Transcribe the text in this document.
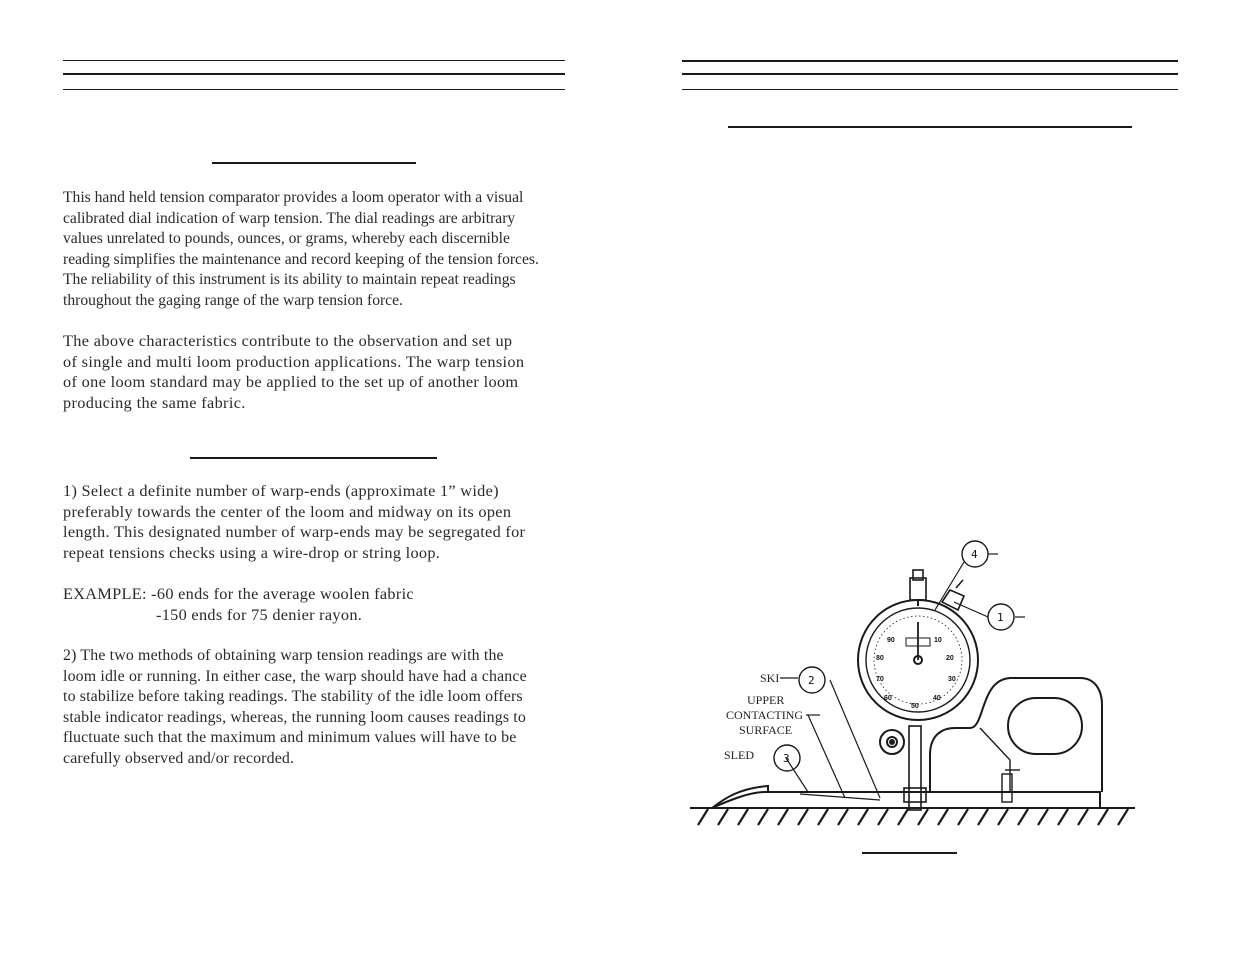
This hand held tension comparator provides a loom operator with a visual
calibrated dial indication of warp tension. The dial readings are arbitrary
values unrelated to pounds, ounces, or grams, whereby each discernible
reading simplifies the maintenance and record keeping of the tension forces.
The reliability of this instrument is its ability to maintain repeat readings
throughout the gaging range of the warp tension force.

The above characteristics contribute to the observation and set up
of single and multi loom production applications. The warp tension
of one loom standard may be applied to the set up of another loom
producing the same fabric.

1) Select a definite number of warp-ends (approximate 1” wide)
preferably towards the center of the loom and midway on its open
length. This designated number of warp-ends may be segregated for
repeat tensions checks using a wire-drop or string loop.

EXAMPLE: -60 ends for the average woolen fabric

-150 ends for 75 denier rayon.

2) The two methods of obtaining warp tension readings are with the
loom idle or running. In either case, the warp should have had a chance
to stabilize before taking readings. The stability of the idle loom offers
stable indicator readings, whereas, the running loom causes readings to
fluctuate such that the maximum and minimum values will have to be
carefully observed and/or recorded.

10
20
30
40
50
60
70
80
90
4
1
2
3
SKI
UPPER
CONTACTING
SURFACE
SLED
